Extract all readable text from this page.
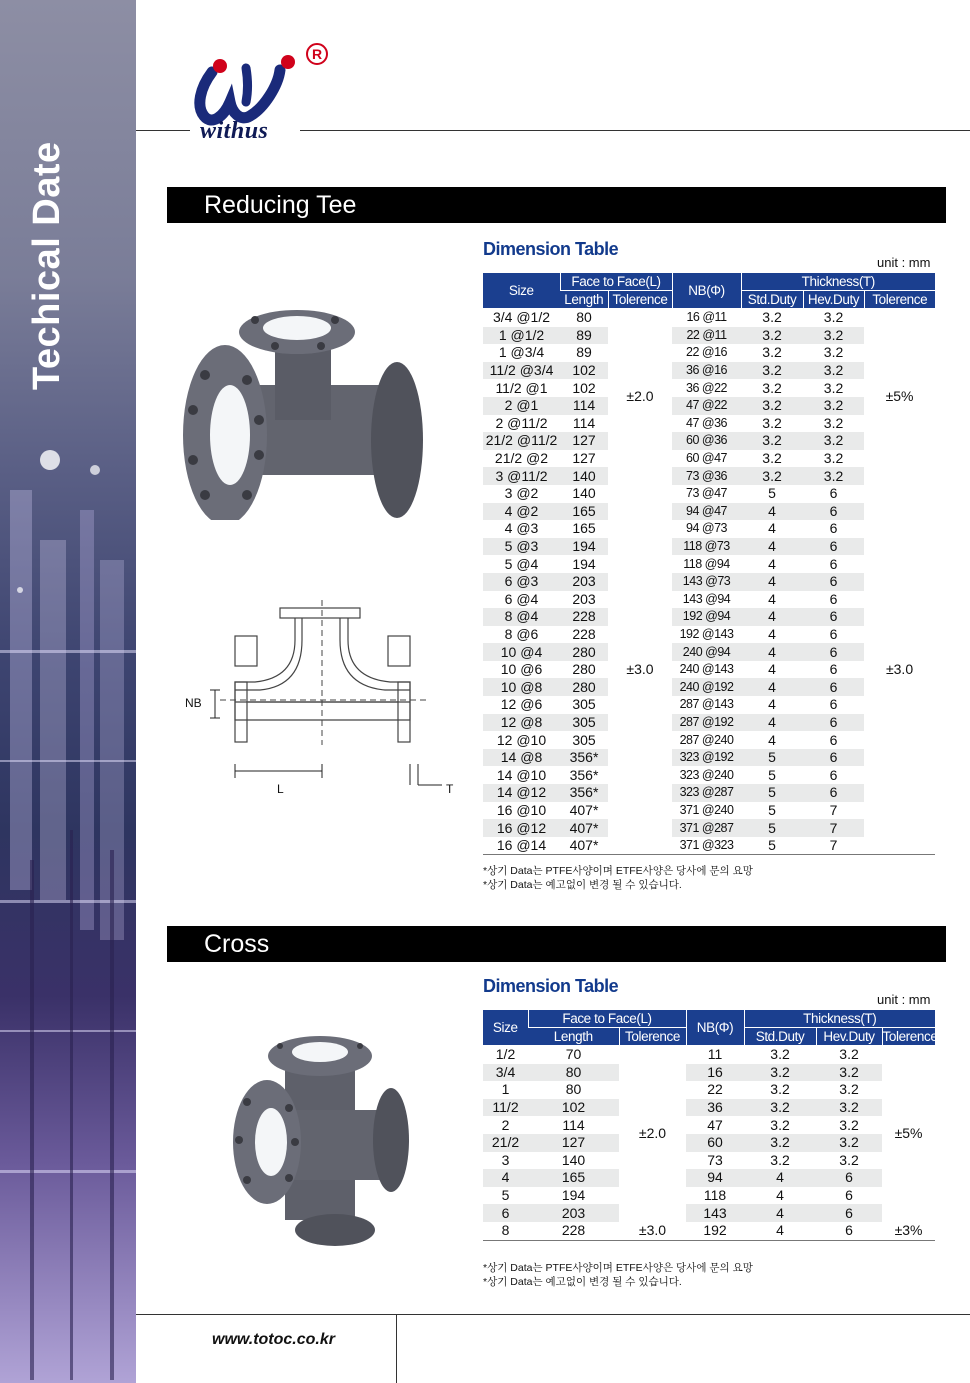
Techical Date
R
withus
Reducing Tee
NB
L	T
Dimension Table
unit : mm
Size	Face to Face(L)		NB(Φ)	Thickness(T)		
	Length	Tolerence		Std.Duty	Hev.Duty	Tolerence
3/4 @1/2	80	±2.0	16 @11	3.2	3.2	±5%
1 @1/2	89		22 @11	3.2	3.2	
1 @3/4	89		22 @16	3.2	3.2	
11/2 @3/4	102		36 @16	3.2	3.2	
11/2 @1	102		36 @22	3.2	3.2	
2 @1	114		47 @22	3.2	3.2	
2 @11/2	114		47 @36	3.2	3.2	
21/2 @11/2	127		60 @36	3.2	3.2	
21/2 @2	127		60 @47	3.2	3.2	
3 @11/2	140		73 @36	3.2	3.2	
3 @2	140	±3.0	73 @47	5	6	±3.0
4 @2	165		94 @47	4	6	
4 @3	165		94 @73	4	6	
5 @3	194		118 @73	4	6	
5 @4	194		118 @94	4	6	
6 @3	203		143 @73	4	6	
6 @4	203		143 @94	4	6	
8 @4	228		192 @94	4	6	
8 @6	228		192 @143	4	6	
10 @4	280		240 @94	4	6	
10 @6	280		240 @143	4	6	
10 @8	280		240 @192	4	6	
12 @6	305		287 @143	4	6	
12 @8	305		287 @192	4	6	
12 @10	305		287 @240	4	6	
14 @8	356*		323 @192	5	6	
14 @10	356*		323 @240	5	6	
14 @12	356*		323 @287	5	6	
16 @10	407*		371 @240	5	7	
16 @12	407*		371 @287	5	7	
16 @14	407*		371 @323	5	7	
*상기 Data는 PTFE사양이며 ETFE사양은 당사에 문의 요망
*상기 Data는 예고없이 변경 될 수 있습니다.
Cross
Dimension Table
unit : mm
Size	Face to Face(L)		NB(Φ)	Thickness(T)		
	Length	Tolerence		Std.Duty	Hev.Duty	Tolerence
1/2	70	±2.0	11	3.2	3.2	±5%
3/4	80		16	3.2	3.2	
1	80		22	3.2	3.2	
11/2	102		36	3.2	3.2	
2	114		47	3.2	3.2	
21/2	127		60	3.2	3.2	
3	140		73	3.2	3.2	
4	165		94	4	6	
5	194		118	4	6	
6	203		143	4	6	
8	228	±3.0	192	4	6	±3%
*상기 Data는 PTFE사양이며 ETFE사양은 당사에 문의 요망
*상기 Data는 예고없이 변경 될 수 있습니다.
www.totoc.co.kr
